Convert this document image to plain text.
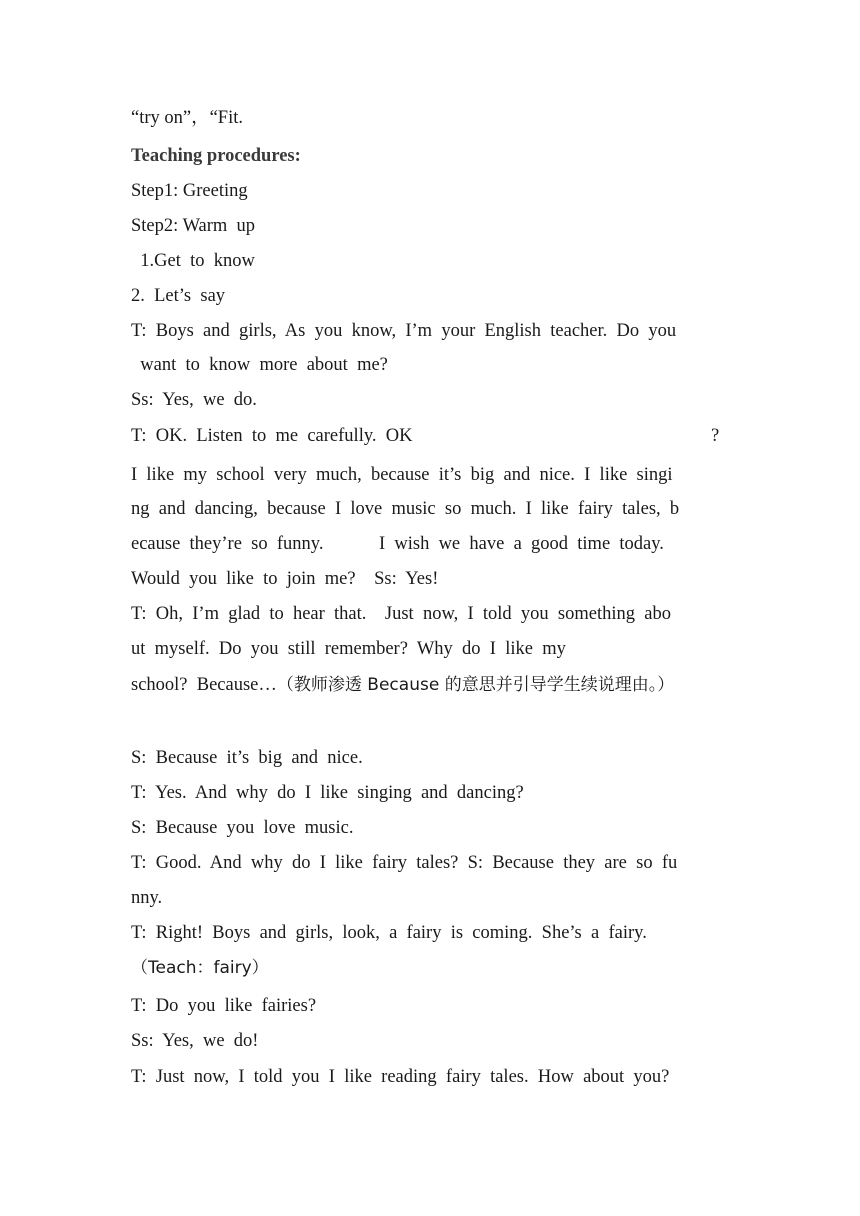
“try on”，“Fit.
Teaching procedures:
Step1: Greeting
Step2: Warm  up
1.Get  to  know
2.  Let’s  say
T:  Boys  and  girls,  As  you  know,  I’m  your  English  teacher.  Do  you
want  to  know  more  about  me?
Ss:  Yes,  we  do.
T:  OK.  Listen  to  me  carefully.  OK	?
I  like  my  school  very  much,  because  it’s  big  and  nice.  I  like  singi
ng  and  dancing,  because  I  love  music  so  much.  I  like  fairy  tales,  b
ecause  they’re  so  funny.            I  wish  we  have  a  good  time  today.
Would  you  like  to  join  me?    Ss:  Yes!
T:  Oh,  I’m  glad  to  hear  that.    Just  now,  I  told  you  something  abo
ut  myself.  Do  you  still  remember?  Why  do  I  like  my
school?  Because…（教师渗透 Because 的意思并引导学生续说理由。）
S:  Because  it’s  big  and  nice.
T:  Yes.  And  why  do  I  like  singing  and  dancing?
S:  Because  you  love  music.
T:  Good.  And  why  do  I  like  fairy  tales?  S:  Because  they  are  so  fu
nny.
T:  Right!  Boys  and  girls,  look,  a  fairy  is  coming.  She’s  a  fairy.
（Teach：fairy）
T:  Do  you  like  fairies?
Ss:  Yes,  we  do!
T:  Just  now,  I  told  you  I  like  reading  fairy  tales.  How  about  you?
